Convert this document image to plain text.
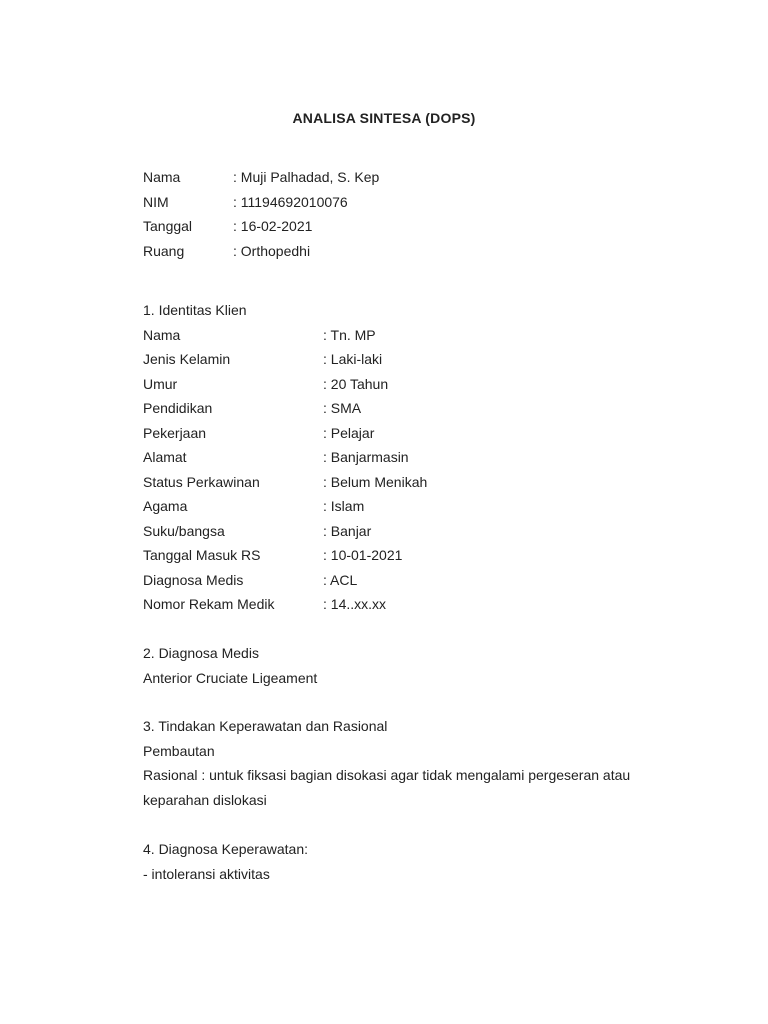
ANALISA SINTESA (DOPS)
Nama	: Muji Palhadad, S. Kep
NIM	: 11194692010076
Tanggal	: 16-02-2021
Ruang	: Orthopedhi
1. Identitas Klien
Nama	: Tn. MP
Jenis Kelamin	: Laki-laki
Umur	: 20 Tahun
Pendidikan	: SMA
Pekerjaan	: Pelajar
Alamat	: Banjarmasin
Status Perkawinan	: Belum Menikah
Agama	: Islam
Suku/bangsa	: Banjar
Tanggal Masuk RS	: 10-01-2021
Diagnosa Medis	: ACL
Nomor Rekam Medik	: 14..xx.xx
2. Diagnosa Medis
Anterior Cruciate Ligeament
3. Tindakan Keperawatan dan Rasional
Pembautan
Rasional : untuk fiksasi bagian disokasi agar tidak mengalami pergeseran atau keparahan dislokasi
4. Diagnosa Keperawatan:
- intoleransi aktivitas
